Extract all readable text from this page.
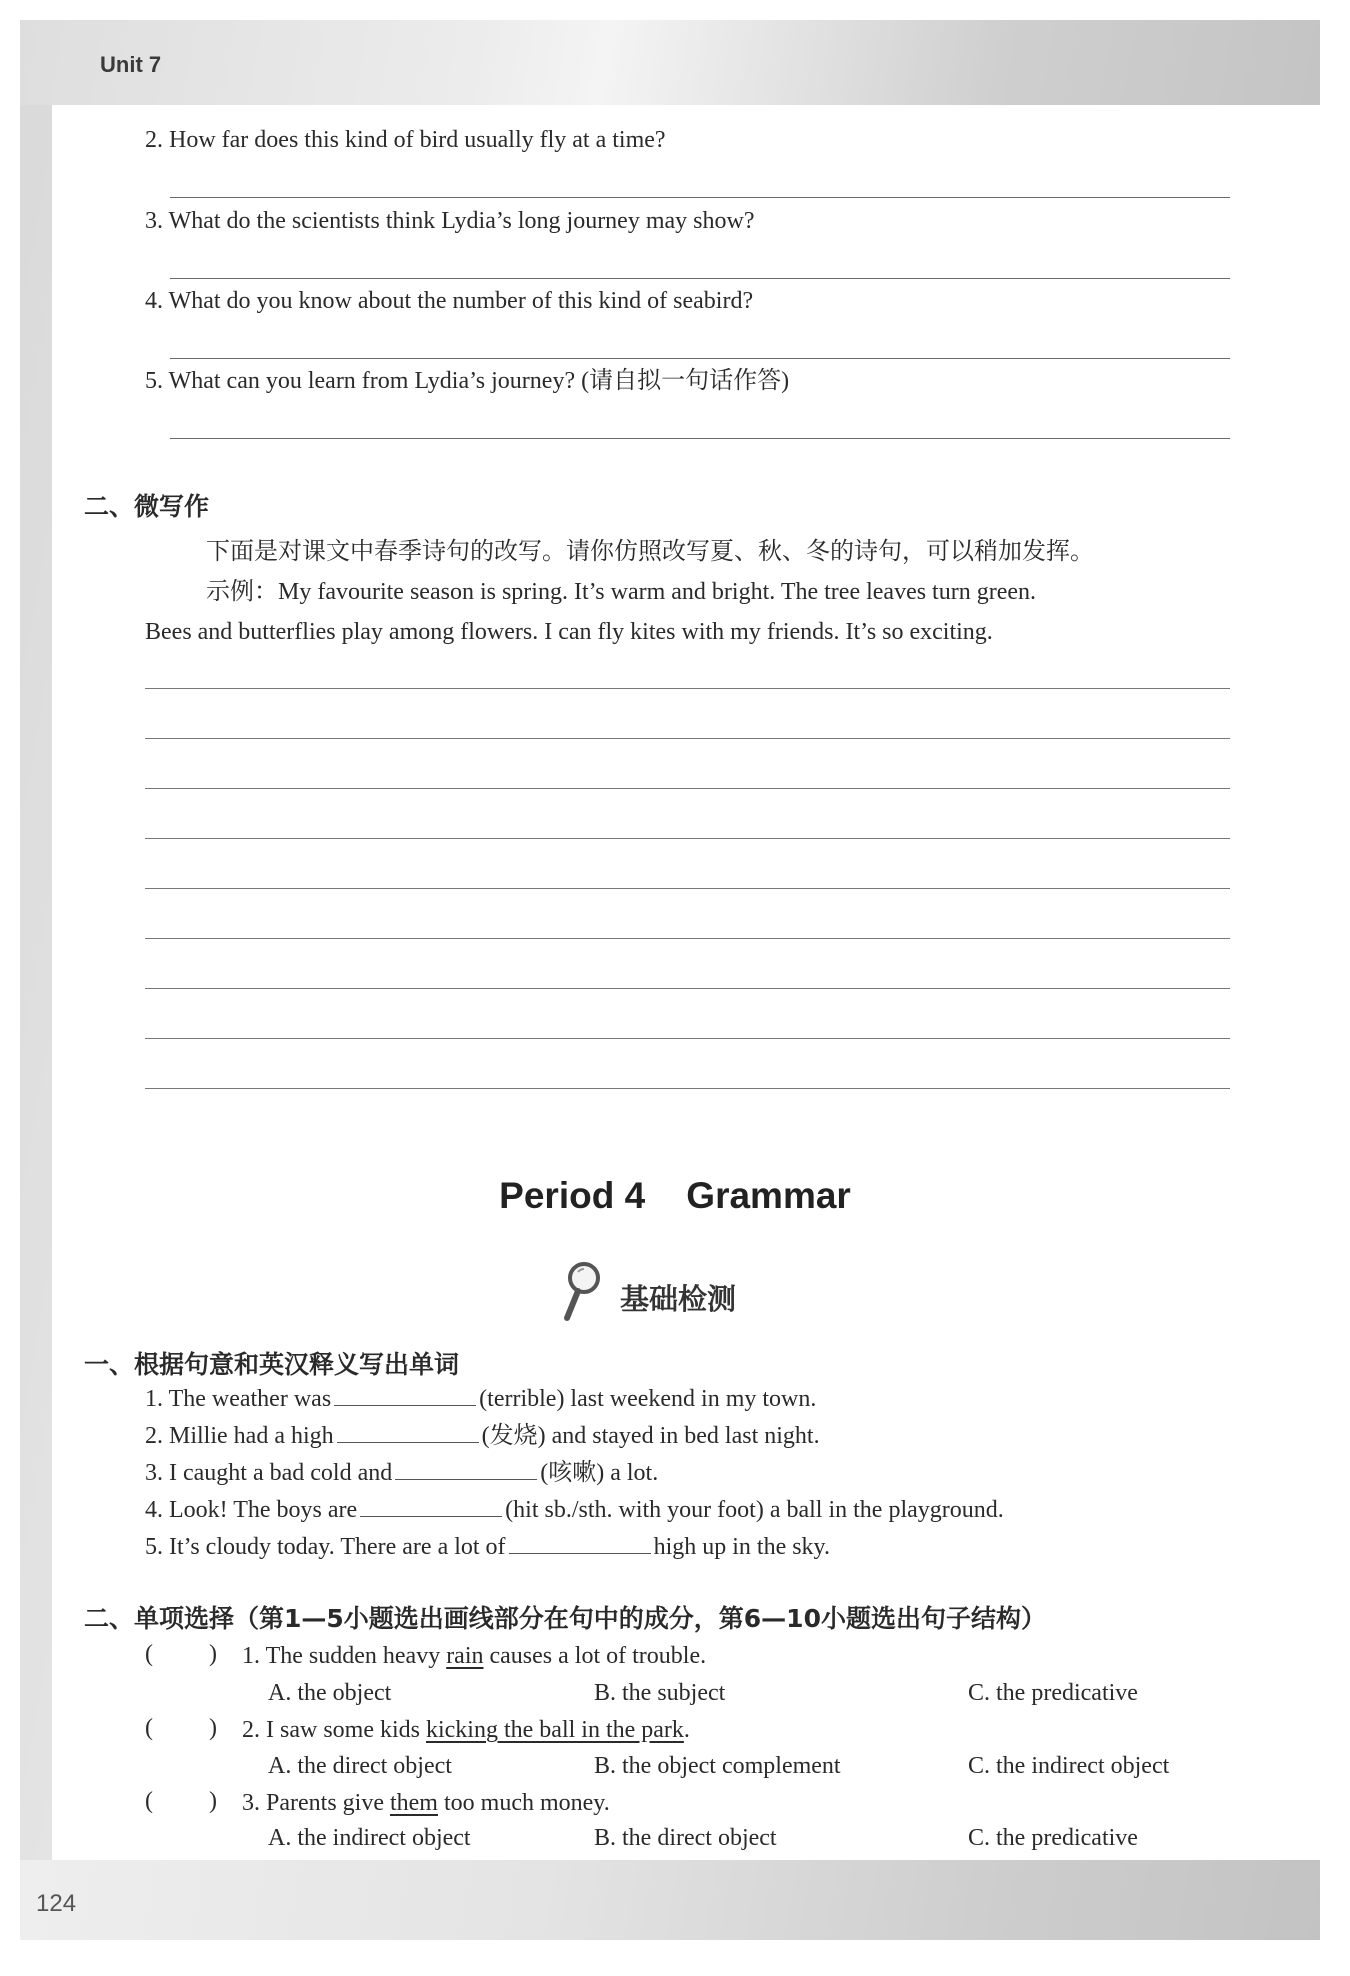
Unit 7
124
2. How far does this kind of bird usually fly at a time?
3. What do the scientists think Lydia’s long journey may show?
4. What do you know about the number of this kind of seabird?
5. What can you learn from Lydia’s journey? (请自拟一句话作答)
二、微写作
下面是对课文中春季诗句的改写。请你仿照改写夏、秋、冬的诗句，可以稍加发挥。
示例：My favourite season is spring. It’s warm and bright. The tree leaves turn green.
Bees and butterflies play among flowers. I can fly kites with my friends. It’s so exciting.
Period 4    Grammar
基础检测
一、根据句意和英汉释义写出单词
1. The weather was	(terrible) last weekend in my town.
2. Millie had a high	(发烧) and stayed in bed last night.
3. I caught a bad cold and	(咳嗽) a lot.
4. Look! The boys are	(hit sb./sth. with your foot) a ball in the playground.
5. It’s cloudy today. There are a lot of	high up in the sky.
二、单项选择（第1—5小题选出画线部分在句中的成分，第6—10小题选出句子结构）
( ) 1. The sudden heavy rain causes a lot of trouble.
A. the object	B. the subject	C. the predicative
( ) 2. I saw some kids kicking the ball in the park.
A. the direct object	B. the object complement	C. the indirect object
( ) 3. Parents give them too much money.
A. the indirect object	B. the direct object	C. the predicative
